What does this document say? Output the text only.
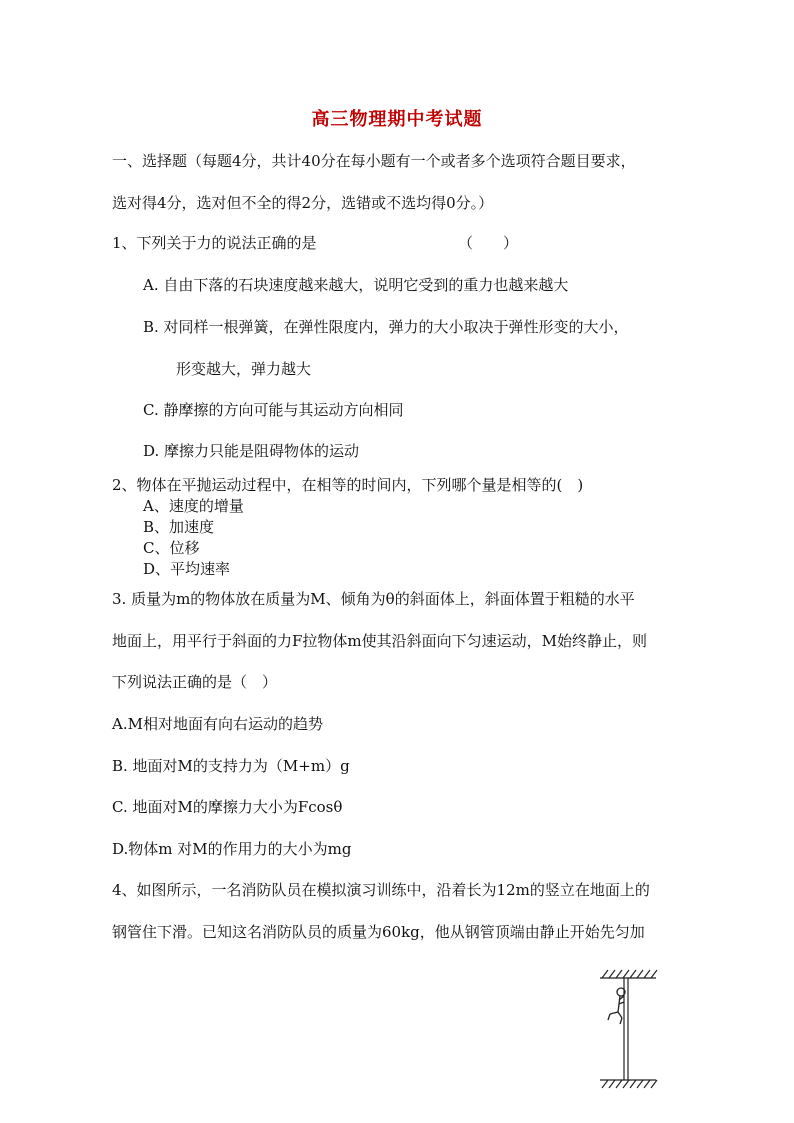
高三物理期中考试题
一、选择题（每题4分，共计40分在每小题有一个或者多个选项符合题目要求，
选对得4分，选对但不全的得2分，选错或不选均得0分。）
1、下列关于力的说法正确的是	（　　）
A. 自由下落的石块速度越来越大，说明它受到的重力也越来越大
B. 对同样一根弹簧，在弹性限度内，弹力的大小取决于弹性形变的大小，
形变越大，弹力越大
C. 静摩擦的方向可能与其运动方向相同
D. 摩擦力只能是阻碍物体的运动
2、物体在平抛运动过程中，在相等的时间内，下列哪个量是相等的(　)
A、速度的增量
B、加速度
C、位移
D、平均速率
3. 质量为m的物体放在质量为M、倾角为θ的斜面体上，斜面体置于粗糙的水平
地面上，用平行于斜面的力F拉物体m使其沿斜面向下匀速运动，M始终静止，则
下列说法正确的是（　）
A.M相对地面有向右运动的趋势
B. 地面对M的支持力为（M+m）g
C. 地面对M的摩擦力大小为Fcosθ
D.物体m 对M的作用力的大小为mg
4、如图所示，一名消防队员在模拟演习训练中，沿着长为12m的竖立在地面上的
钢管住下滑。已知这名消防队员的质量为60kg，他从钢管顶端由静止开始先匀加
